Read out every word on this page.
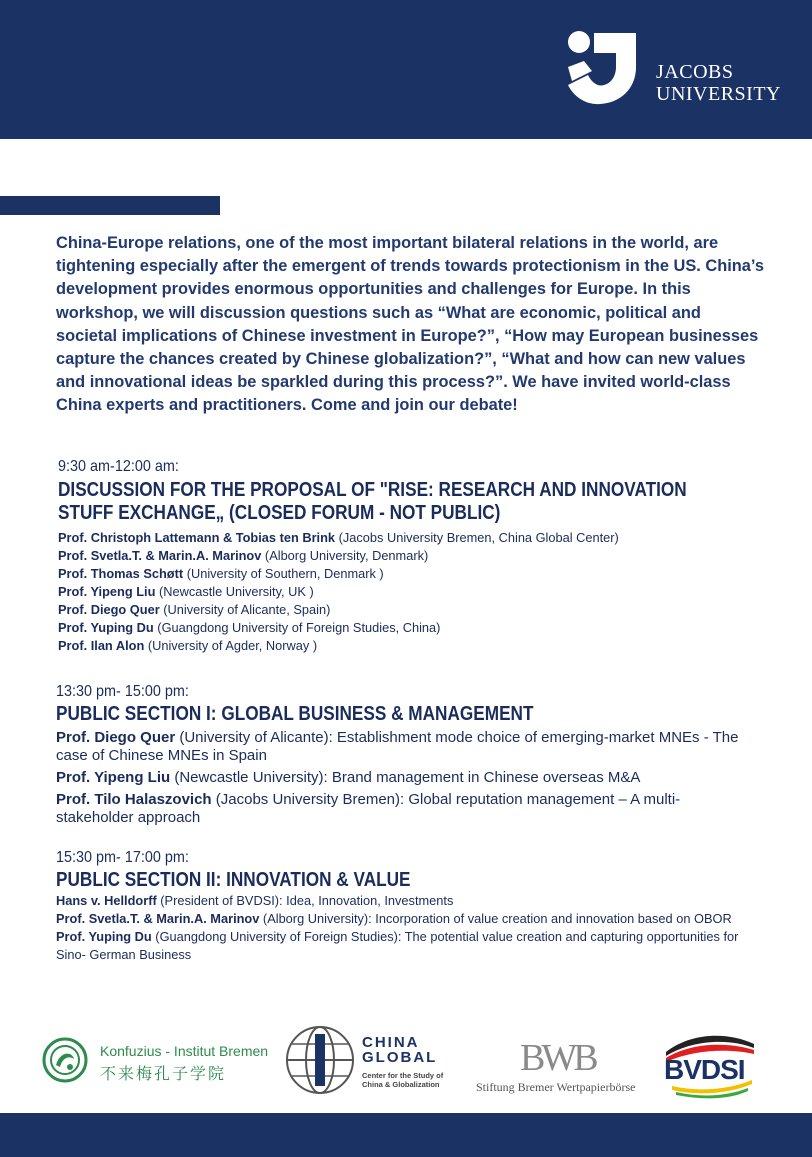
JACOBS
UNIVERSITY

China-Europe relations, one of the most important bilateral relations in the world, are tightening especially after the emergent of trends towards protectionism in the US. China’s development provides enormous opportunities and challenges for Europe. In this workshop, we will discussion questions such as “What are economic, political and societal implications of Chinese investment in Europe?”, “How may European businesses capture the chances created by Chinese globalization?”, “What and how can new values and innovational ideas be sparkled during this process?”. We have invited world-class China experts and practitioners. Come and join our debate!

9:30 am-12:00 am:
DISCUSSION FOR THE PROPOSAL OF "RISE: RESEARCH AND INNOVATION
STUFF EXCHANGE„ (CLOSED FORUM - NOT PUBLIC)
Prof. Christoph Lattemann & Tobias ten Brink (Jacobs University Bremen, China Global Center)
Prof. Svetla.T. & Marin.A. Marinov (Alborg University, Denmark)
Prof. Thomas Schøtt (University of Southern, Denmark )
Prof. Yipeng Liu (Newcastle University, UK )
Prof. Diego Quer (University of Alicante, Spain)
Prof. Yuping Du (Guangdong University of Foreign Studies, China)
Prof. Ilan Alon (University of Agder, Norway )
13:30 pm- 15:00 pm:
PUBLIC SECTION I: GLOBAL BUSINESS & MANAGEMENT
Prof. Diego Quer (University of Alicante): Establishment mode choice of emerging-market MNEs - The case of Chinese MNEs in Spain
Prof. Yipeng Liu (Newcastle University): Brand management in Chinese overseas M&A
Prof. Tilo Halaszovich (Jacobs University Bremen): Global reputation management – A multi-stakeholder approach
15:30 pm- 17:00 pm:
PUBLIC SECTION II: INNOVATION & VALUE
Hans v. Helldorff (President of BVDSI): Idea, Innovation, Investments
Prof. Svetla.T. & Marin.A. Marinov (Alborg University): Incorporation of value creation and innovation based on OBOR
Prof. Yuping Du (Guangdong University of Foreign Studies): The potential value creation and capturing opportunities for Sino- German Business
Konfuzius - Institut Bremen
不来梅孔子学院
CHINA
GLOBAL
Center for the Study of
China & Globalization
BWB
Stiftung Bremer Wertpapierbörse
BVDSI
